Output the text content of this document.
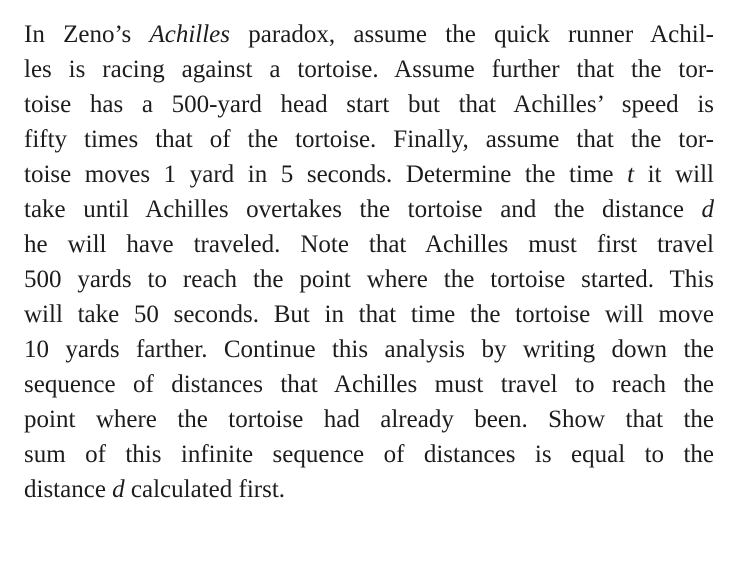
In Zeno’s Achilles paradox, assume the quick runner Achil-
les is racing against a tortoise. Assume further that the tor-
toise has a 500-yard head start but that Achilles’ speed is
fifty times that of the tortoise. Finally, assume that the tor-
toise moves 1 yard in 5 seconds. Determine the time t it will
take until Achilles overtakes the tortoise and the distance d
he will have traveled. Note that Achilles must first travel
500 yards to reach the point where the tortoise started. This
will take 50 seconds. But in that time the tortoise will move
10 yards farther. Continue this analysis by writing down the
sequence of distances that Achilles must travel to reach the
point where the tortoise had already been. Show that the
sum of this infinite sequence of distances is equal to the
distance d calculated first.
